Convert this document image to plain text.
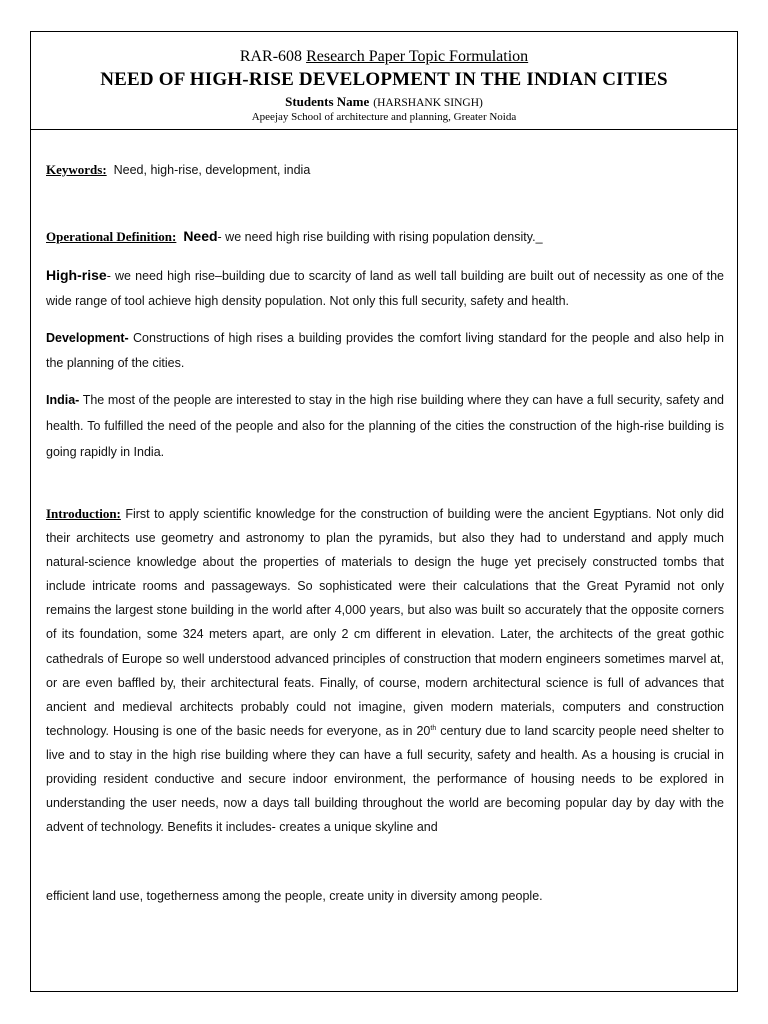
RAR-608 Research Paper Topic Formulation
NEED OF HIGH-RISE DEVELOPMENT IN THE INDIAN CITIES
Students Name (HARSHANK SINGH)
Apeejay School of architecture and planning, Greater Noida
Keywords: Need, high-rise, development, india
Operational Definition: Need- we need high rise building with rising population density._
High-rise- we need high rise–building due to scarcity of land as well tall building are built out of necessity as one of the wide range of tool achieve high density population. Not only this full security, safety and health.
Development- Constructions of high rises a building provides the comfort living standard for the people and also help in the planning of the cities.
India- The most of the people are interested to stay in the high rise building where they can have a full security, safety and health. To fulfilled the need of the people and also for the planning of the cities the construction of the high-rise building is going rapidly in India.
Introduction: First to apply scientific knowledge for the construction of building were the ancient Egyptians. Not only did their architects use geometry and astronomy to plan the pyramids, but also they had to understand and apply much natural-science knowledge about the properties of materials to design the huge yet precisely constructed tombs that include intricate rooms and passageways. So sophisticated were their calculations that the Great Pyramid not only remains the largest stone building in the world after 4,000 years, but also was built so accurately that the opposite corners of its foundation, some 324 meters apart, are only 2 cm different in elevation. Later, the architects of the great gothic cathedrals of Europe so well understood advanced principles of construction that modern engineers sometimes marvel at, or are even baffled by, their architectural feats. Finally, of course, modern architectural science is full of advances that ancient and medieval architects probably could not imagine, given modern materials, computers and construction technology. Housing is one of the basic needs for everyone, as in 20th century due to land scarcity people need shelter to live and to stay in the high rise building where they can have a full security, safety and health. As a housing is crucial in providing resident conductive and secure indoor environment, the performance of housing needs to be explored in understanding the user needs, now a days tall building throughout the world are becoming popular day by day with the advent of technology. Benefits it includes- creates a unique skyline and
efficient land use, togetherness among the people, create unity in diversity among people.
